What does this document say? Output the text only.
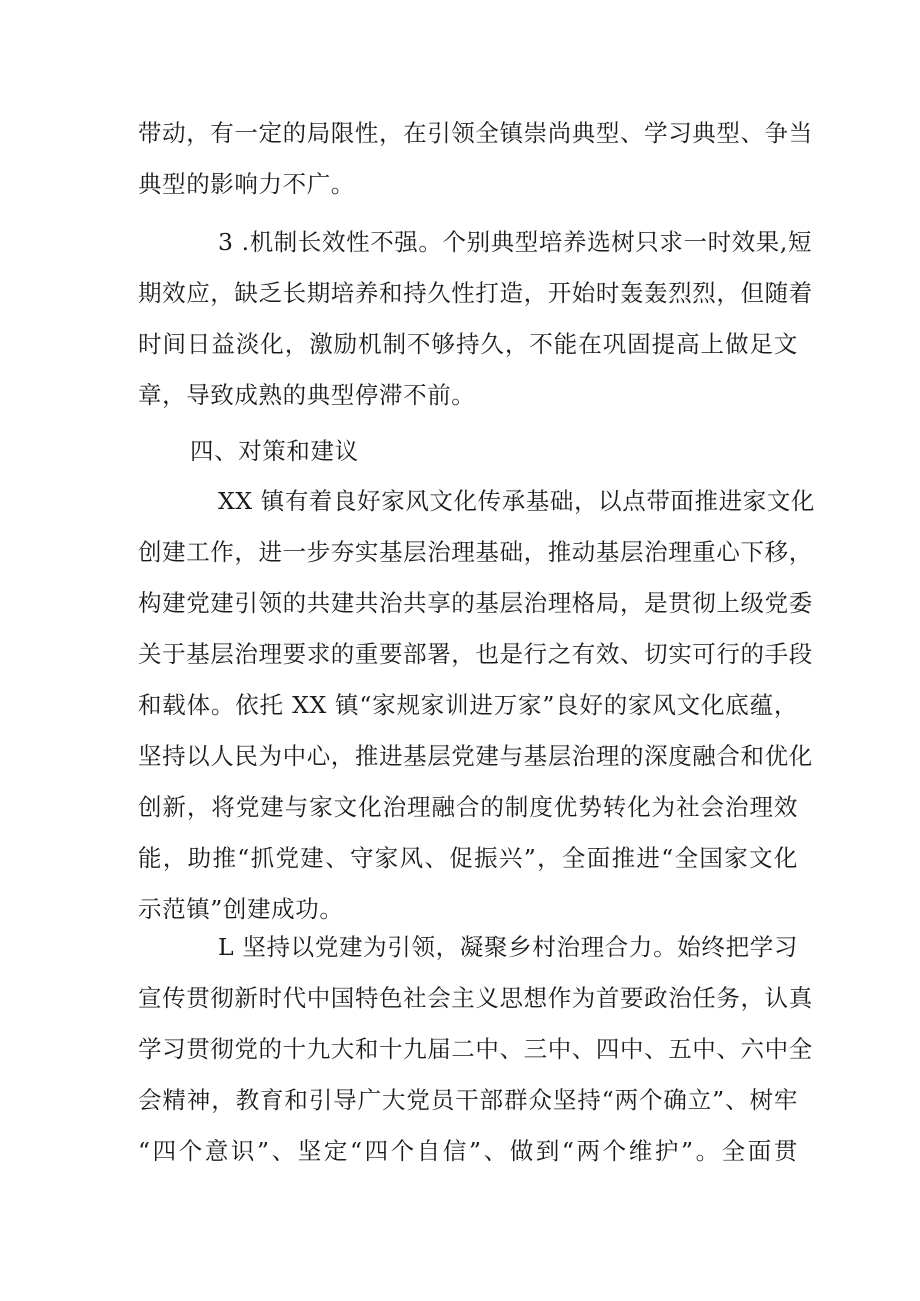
带动，有一定的局限性，在引领全镇崇尚典型、学习典型、争当
典型的影响力不广。
3 .机制长效性不强。个别典型培养选树只求一时效果,短
期效应，缺乏长期培养和持久性打造，开始时轰轰烈烈，但随着
时间日益淡化，激励机制不够持久，不能在巩固提高上做足文
章，导致成熟的典型停滞不前。
四、对策和建议
XX 镇有着良好家风文化传承基础，以点带面推进家文化
创建工作，进一步夯实基层治理基础，推动基层治理重心下移，
构建党建引领的共建共治共享的基层治理格局，是贯彻上级党委
关于基层治理要求的重要部署，也是行之有效、切实可行的手段
和载体。依托 XX 镇“家规家训进万家”良好的家风文化底蕴，
坚持以人民为中心，推进基层党建与基层治理的深度融合和优化
创新，将党建与家文化治理融合的制度优势转化为社会治理效
能，助推“抓党建、守家风、促振兴”，全面推进“全国家文化
示范镇”创建成功。
L 坚持以党建为引领，凝聚乡村治理合力。始终把学习
宣传贯彻新时代中国特色社会主义思想作为首要政治任务，认真
学习贯彻党的十九大和十九届二中、三中、四中、五中、六中全
会精神，教育和引导广大党员干部群众坚持“两个确立”、树牢
“四个意识”、坚定“四个自信”、做到“两个维护”。全面贯
